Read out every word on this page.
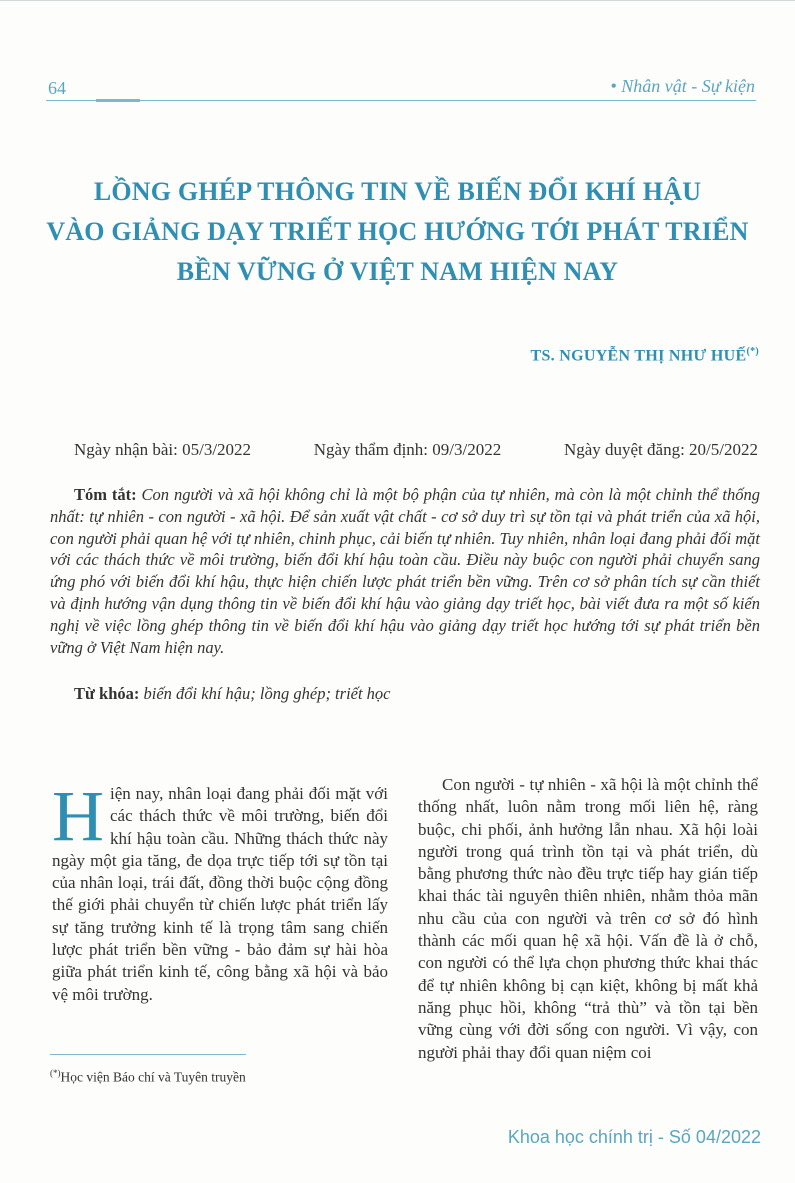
64	• Nhân vật - Sự kiện
LỒNG GHÉP THÔNG TIN VỀ BIẾN ĐỔI KHÍ HẬU
VÀO GIẢNG DẠY TRIẾT HỌC HƯỚNG TỚI PHÁT TRIỂN
BỀN VỮNG Ở VIỆT NAM HIỆN NAY
TS. NGUYỄN THỊ NHƯ HUẾ(*)
Ngày nhận bài: 05/3/2022	Ngày thẩm định: 09/3/2022	Ngày duyệt đăng: 20/5/2022
Tóm tắt: Con người và xã hội không chỉ là một bộ phận của tự nhiên, mà còn là một chỉnh thể thống nhất: tự nhiên - con người - xã hội. Để sản xuất vật chất - cơ sở duy trì sự tồn tại và phát triển của xã hội, con người phải quan hệ với tự nhiên, chinh phục, cải biến tự nhiên. Tuy nhiên, nhân loại đang phải đối mặt với các thách thức về môi trường, biến đổi khí hậu toàn cầu. Điều này buộc con người phải chuyển sang ứng phó với biến đổi khí hậu, thực hiện chiến lược phát triển bền vững. Trên cơ sở phân tích sự cần thiết và định hướng vận dụng thông tin về biến đổi khí hậu vào giảng dạy triết học, bài viết đưa ra một số kiến nghị về việc lồng ghép thông tin về biến đổi khí hậu vào giảng dạy triết học hướng tới sự phát triển bền vững ở Việt Nam hiện nay.
Từ khóa: biến đổi khí hậu; lồng ghép; triết học
Hiện nay, nhân loại đang phải đối mặt với các thách thức về môi trường, biến đổi khí hậu toàn cầu. Những thách thức này ngày một gia tăng, đe dọa trực tiếp tới sự tồn tại của nhân loại, trái đất, đồng thời buộc cộng đồng thế giới phải chuyển từ chiến lược phát triển lấy sự tăng trưởng kinh tế là trọng tâm sang chiến lược phát triển bền vững - bảo đảm sự hài hòa giữa phát triển kinh tế, công bằng xã hội và bảo vệ môi trường.
Con người - tự nhiên - xã hội là một chỉnh thể thống nhất, luôn nằm trong mối liên hệ, ràng buộc, chi phối, ảnh hưởng lẫn nhau. Xã hội loài người trong quá trình tồn tại và phát triển, dù bằng phương thức nào đều trực tiếp hay gián tiếp khai thác tài nguyên thiên nhiên, nhằm thỏa mãn nhu cầu của con người và trên cơ sở đó hình thành các mối quan hệ xã hội. Vấn đề là ở chỗ, con người có thể lựa chọn phương thức khai thác để tự nhiên không bị cạn kiệt, không bị mất khả năng phục hồi, không “trả thù” và tồn tại bền vững cùng với đời sống con người. Vì vậy, con người phải thay đổi quan niệm coi
(*)Học viện Báo chí và Tuyên truyền
Khoa học chính trị - Số 04/2022
